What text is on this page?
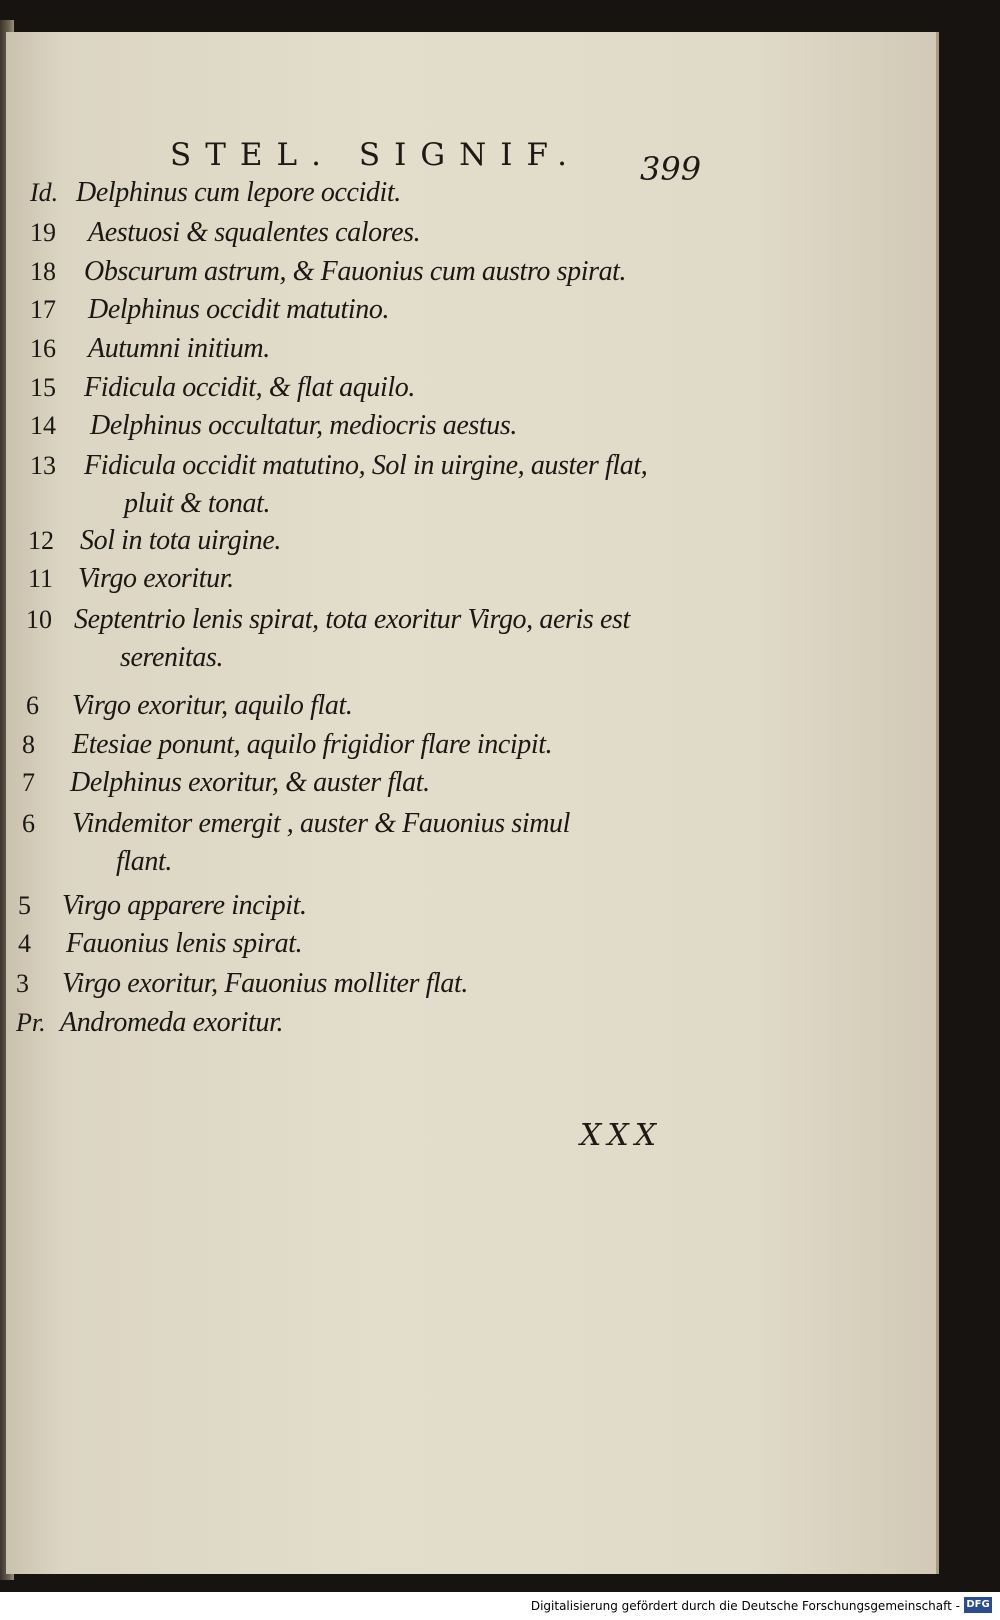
STEL. SIGNIF. 399
Id. Delphinus cum lepore occidit.
19 Aestuosi & squalentes calores.
18 Obscurum astrum, & Fauonius cum austro spirat.
17 Delphinus occidit matutino.
16 Autumni initium.
15 Fidicula occidit, & flat aquilo.
14 Delphinus occultatur, mediocris aestus.
13 Fidicula occidit matutino, Sol in uirgine, auster flat,
pluit & tonat.
12 Sol in tota uirgine.
11 Virgo exoritur.
10 Septentrio lenis spirat, tota exoritur Virgo, aeris est
serenitas.
6 Virgo exoritur, aquilo flat.
8 Etesiae ponunt, aquilo frigidior flare incipit.
7 Delphinus exoritur, & auster flat.
6 Vindemitor emergit , auster & Fauonius simul
flant.
5 Virgo apparere incipit.
4 Fauonius lenis spirat.
3 Virgo exoritur, Fauonius molliter flat.
Pr. Andromeda exoritur.
XXX
Digitalisierung gefördert durch die Deutsche Forschungsgemeinschaft - DFG
